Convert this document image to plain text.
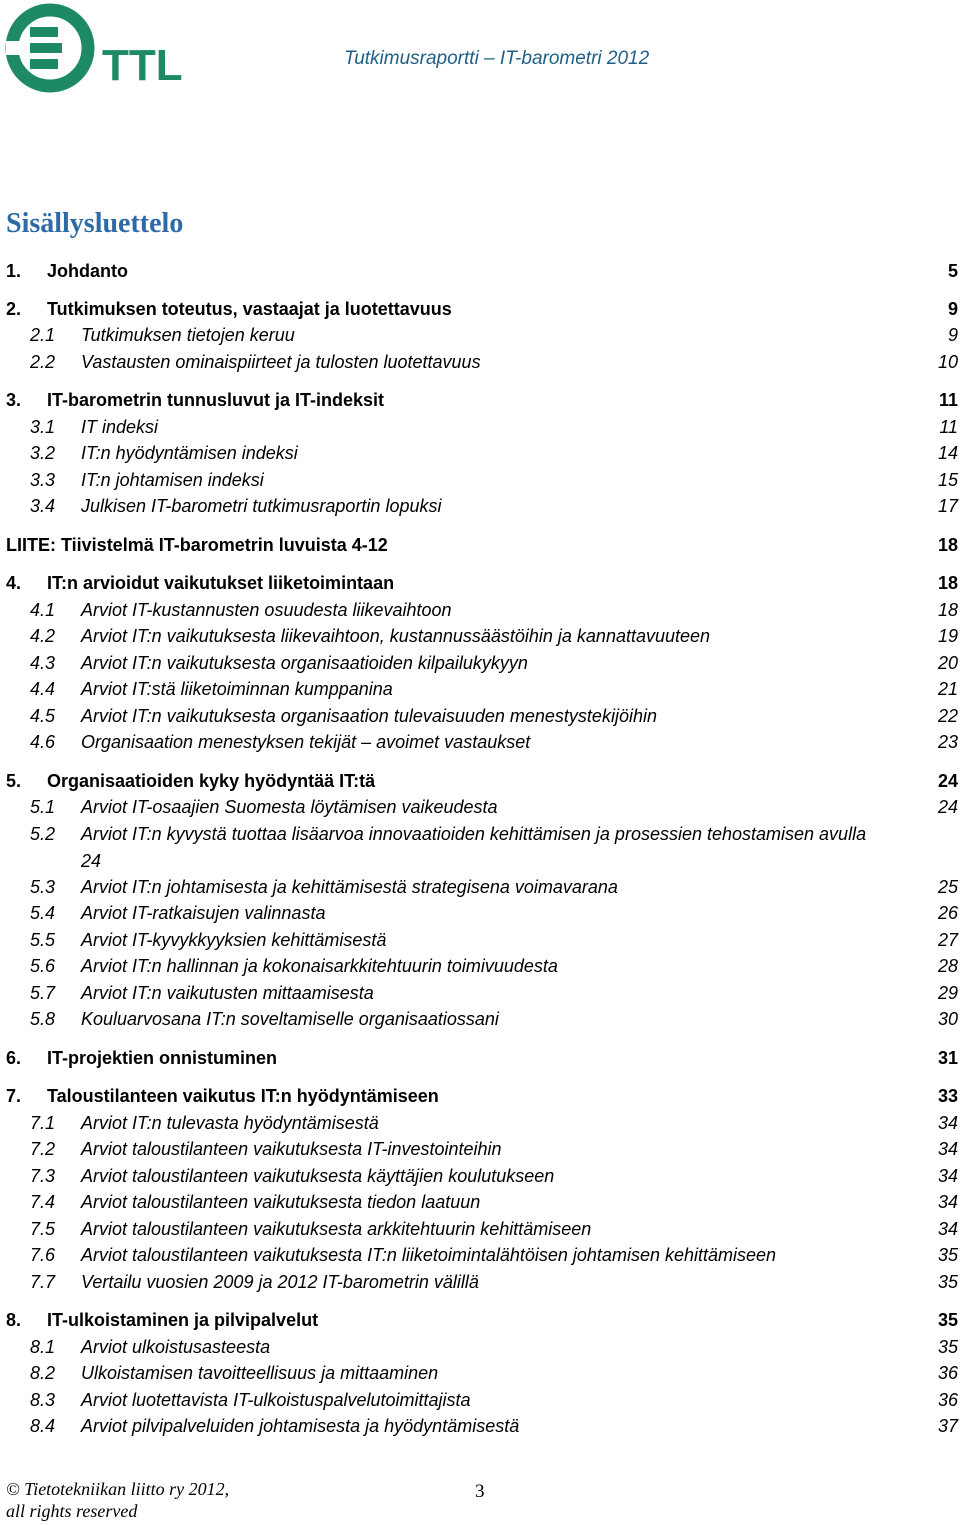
TTL	Tutkimusraportti – IT-barometri 2012
Sisällysluettelo
1. Johdanto	5
2. Tutkimuksen toteutus, vastaajat ja luotettavuus	9
2.1 Tutkimuksen tietojen keruu	9
2.2 Vastausten ominaispiirteet ja tulosten luotettavuus	10
3. IT-barometrin tunnusluvut ja IT-indeksit	11
3.1 IT indeksi	11
3.2 IT:n hyödyntämisen indeksi	14
3.3 IT:n johtamisen indeksi	15
3.4 Julkisen IT-barometri tutkimusraportin lopuksi	17
LIITE: Tiivistelmä IT-barometrin luvuista 4-12	18
4. IT:n arvioidut vaikutukset liiketoimintaan	18
4.1 Arviot IT-kustannusten osuudesta liikevaihtoon	18
4.2 Arviot IT:n vaikutuksesta liikevaihtoon, kustannussäästöihin ja kannattavuuteen	19
4.3 Arviot IT:n vaikutuksesta organisaatioiden kilpailukykyyn	20
4.4 Arviot IT:stä liiketoiminnan kumppanina	21
4.5 Arviot IT:n vaikutuksesta organisaation tulevaisuuden menestystekijöihin	22
4.6 Organisaation menestyksen tekijät – avoimet vastaukset	23
5. Organisaatioiden kyky hyödyntää IT:tä	24
5.1 Arviot IT-osaajien Suomesta löytämisen vaikeudesta	24
5.2 Arviot IT:n kyvystä tuottaa lisäarvoa innovaatioiden kehittämisen ja prosessien tehostamisen avulla
5.3 Arviot IT:n johtamisesta ja kehittämisestä strategisena voimavarana	25
5.4 Arviot IT-ratkaisujen valinnasta	26
5.5 Arviot IT-kyvykkyyksien kehittämisestä	27
5.6 Arviot IT:n hallinnan ja kokonaisarkkitehtuurin toimivuudesta	28
5.7 Arviot IT:n vaikutusten mittaamisesta	29
5.8 Kouluarvosana IT:n soveltamiselle organisaatiossani	30
6. IT-projektien onnistuminen	31
7. Taloustilanteen vaikutus IT:n hyödyntämiseen	33
7.1 Arviot IT:n tulevasta hyödyntämisestä	34
7.2 Arviot taloustilanteen vaikutuksesta IT-investointeihin	34
7.3 Arviot taloustilanteen vaikutuksesta käyttäjien koulutukseen	34
7.4 Arviot taloustilanteen vaikutuksesta tiedon laatuun	34
7.5 Arviot taloustilanteen vaikutuksesta arkkitehtuurin kehittämiseen	34
7.6 Arviot taloustilanteen vaikutuksesta IT:n liiketoimintalähtöisen johtamisen kehittämiseen	35
7.7 Vertailu vuosien 2009 ja 2012 IT-barometrin välillä	35
8. IT-ulkoistaminen ja pilvipalvelut	35
8.1 Arviot ulkoistusasteesta	35
8.2 Ulkoistamisen tavoitteellisuus ja mittaaminen	36
8.3 Arviot luotettavista IT-ulkoistuspalvelutoimittajista	36
8.4 Arviot pilvipalveluiden johtamisesta ja hyödyntämisestä	37
24
© Tietotekniikan liitto ry 2012,
all rights reserved
3
